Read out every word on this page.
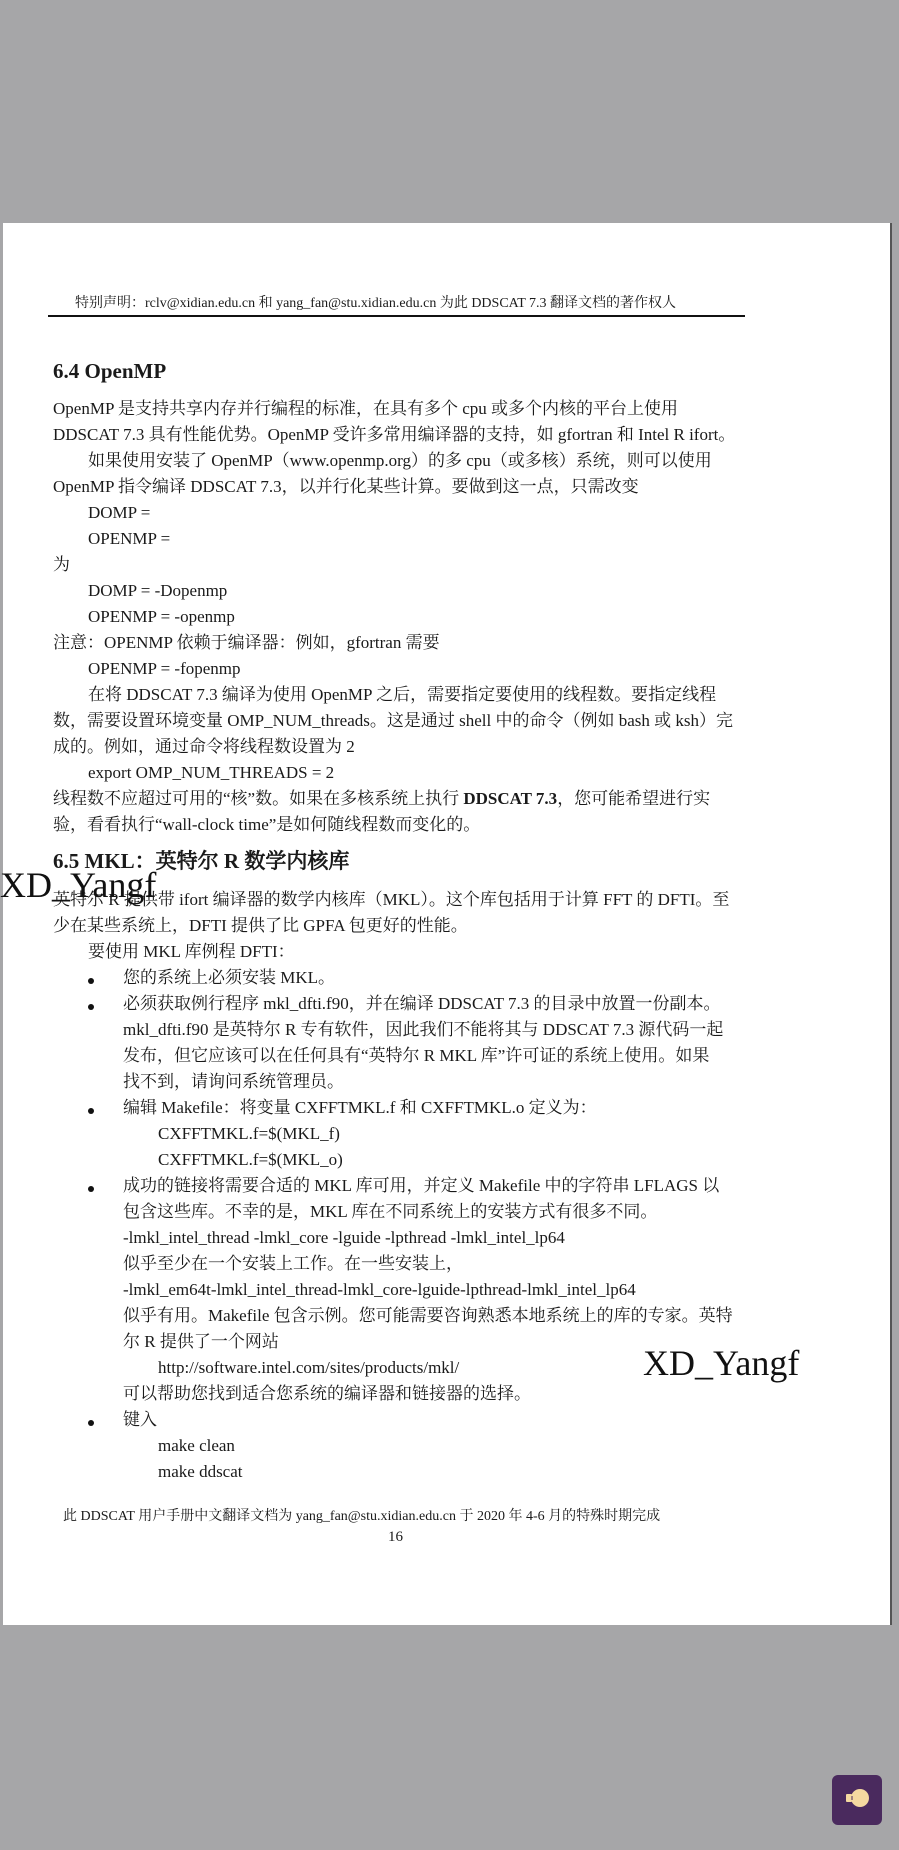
特别声明：rclv@xidian.edu.cn 和 yang_fan@stu.xidian.edu.cn 为此 DDSCAT 7.3 翻译文档的著作权人
6.4 OpenMP
OpenMP 是支持共享内存并行编程的标准，在具有多个 cpu 或多个内核的平台上使用
DDSCAT 7.3 具有性能优势。OpenMP 受许多常用编译器的支持，如 gfortran 和 Intel R ifort。
如果使用安装了 OpenMP（www.openmp.org）的多 cpu（或多核）系统，则可以使用
OpenMP 指令编译 DDSCAT 7.3，以并行化某些计算。要做到这一点，只需改变
DOMP =
OPENMP =
为
DOMP = -Dopenmp
OPENMP = -openmp
注意：OPENMP 依赖于编译器：例如，gfortran 需要
OPENMP = -fopenmp
在将 DDSCAT 7.3 编译为使用 OpenMP 之后，需要指定要使用的线程数。要指定线程
数，需要设置环境变量 OMP_NUM_threads。这是通过 shell 中的命令（例如 bash 或 ksh）完
成的。例如，通过命令将线程数设置为 2
export OMP_NUM_THREADS = 2
线程数不应超过可用的“核”数。如果在多核系统上执行 DDSCAT 7.3，您可能希望进行实
验，看看执行“wall-clock time”是如何随线程数而变化的。
6.5 MKL：英特尔 R 数学内核库
英特尔 R 提供带 ifort 编译器的数学内核库（MKL）。这个库包括用于计算 FFT 的 DFTI。至
少在某些系统上，DFTI 提供了比 GPFA 包更好的性能。
要使用 MKL 库例程 DFTI：
您的系统上必须安装 MKL。
必须获取例行程序 mkl_dfti.f90，并在编译 DDSCAT 7.3 的目录中放置一份副本。
mkl_dfti.f90 是英特尔 R 专有软件，因此我们不能将其与 DDSCAT 7.3 源代码一起
发布，但它应该可以在任何具有“英特尔 R MKL 库”许可证的系统上使用。如果
找不到，请询问系统管理员。
编辑 Makefile：将变量 CXFFTMKL.f 和 CXFFTMKL.o 定义为：
CXFFTMKL.f=$(MKL_f)
CXFFTMKL.f=$(MKL_o)
成功的链接将需要合适的 MKL 库可用，并定义 Makefile 中的字符串 LFLAGS 以
包含这些库。不幸的是，MKL 库在不同系统上的安装方式有很多不同。
-lmkl_intel_thread -lmkl_core -lguide -lpthread -lmkl_intel_lp64
似乎至少在一个安装上工作。在一些安装上，
-lmkl_em64t-lmkl_intel_thread-lmkl_core-lguide-lpthread-lmkl_intel_lp64
似乎有用。Makefile 包含示例。您可能需要咨询熟悉本地系统上的库的专家。英特
尔 R 提供了一个网站
http://software.intel.com/sites/products/mkl/
可以帮助您找到适合您系统的编译器和链接器的选择。
键入
make clean
make ddscat
此 DDSCAT 用户手册中文翻译文档为 yang_fan@stu.xidian.edu.cn 于 2020 年 4-6 月的特殊时期完成
16
XD_Yangf
XD_Yangf
